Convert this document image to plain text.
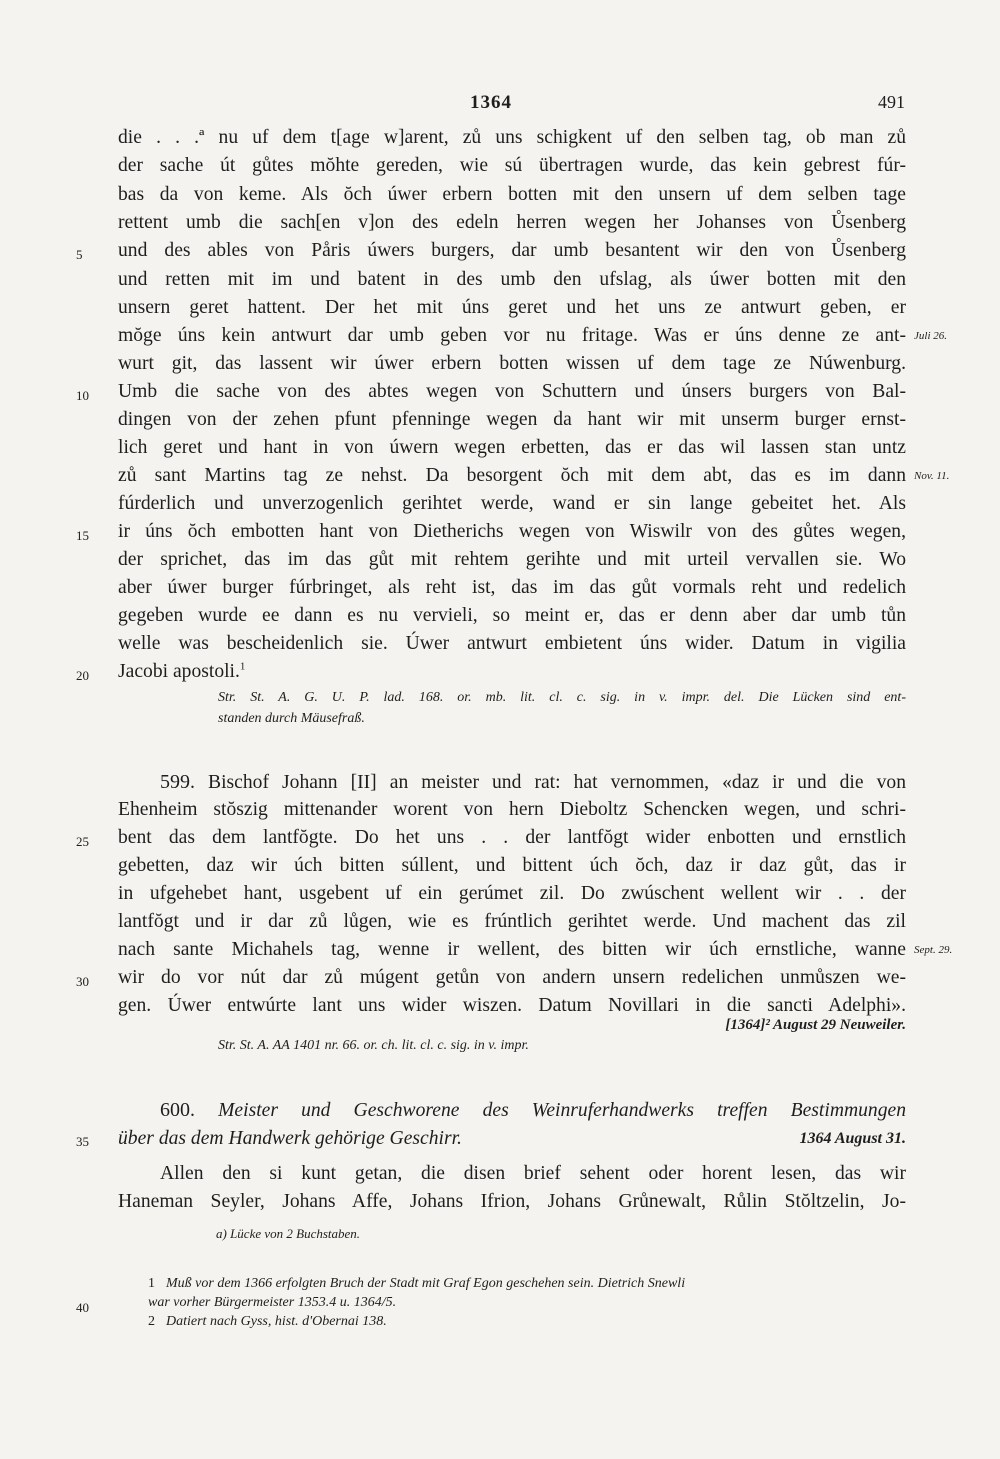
1364	491
die . . .ª nu uf dem t[age w]arent, zů uns schigkent uf den selben tag, ob man zů
der sache út gůtes mŏhte gereden, wie sú übertragen wurde, das kein gebrest fúr-
bas da von keme. Als ŏch úwer erbern botten mit den unsern uf dem selben tage
rettent umb die sach[en v]on des edeln herren wegen her Johanses von Ůsenberg
und des ables von Påris úwers burgers, dar umb besantent wir den von Ůsenberg
und retten mit im und batent in des umb den ufslag, als úwer botten mit den
unsern geret hattent. Der het mit úns geret und het uns ze antwurt geben, er
mŏge úns kein antwurt dar umb geben vor nu fritage. Was er úns denne ze ant-
wurt git, das lassent wir úwer erbern botten wissen uf dem tage ze Núwenburg.
Umb die sache von des abtes wegen von Schuttern und únsers burgers von Bal-
dingen von der zehen pfunt pfenninge wegen da hant wir mit unserm burger ernst-
lich geret und hant in von úwern wegen erbetten, das er das wil lassen stan untz
zů sant Martins tag ze nehst. Da besorgent ŏch mit dem abt, das es im dann
fúrderlich und unverzogenlich gerihtet werde, wand er sin lange gebeitet het. Als
ir úns ŏch embotten hant von Dietherichs wegen von Wiswilr von des gůtes wegen,
der sprichet, das im das gůt mit rehtem gerihte und mit urteil vervallen sie. Wo
aber úwer burger fúrbringet, als reht ist, das im das gůt vormals reht und redelich
gegeben wurde ee dann es nu vervieli, so meint er, das er denn aber dar umb tůn
welle was bescheidenlich sie. Úwer antwurt embietent úns wider. Datum in vigilia
Jacobi apostoli.$^1$
Str. St. A. G. U. P. lad. 168. or. mb. lit. cl. c. sig. in v. impr. del. Die Lücken sind ent-
standen durch Mäusefraß.
599. Bischof Johann [II] an meister und rat: hat vernommen, «daz ir und die von
Ehenheim stŏszig mittenander worent von hern Dieboltz Schencken wegen, und schri-
bent das dem lantfŏgte. Do het uns . . der lantfŏgt wider enbotten und ernstlich
gebetten, daz wir úch bitten súllent, und bittent úch ŏch, daz ir daz gůt, das ir
in ufgehebet hant, usgebent uf ein gerúmet zil. Do zwúschent wellent wir . . der
lantfŏgt und ir dar zů lůgen, wie es frúntlich gerihtet werde. Und machent das zil
nach sante Michahels tag, wenne ir wellent, des bitten wir úch ernstliche, wanne
wir do vor nút dar zů múgent getůn von andern unsern redelichen unmůszen we-
gen. Úwer entwúrte lant uns wider wiszen. Datum Novillari in die sancti Adelphi».
[1364]² August 29 Neuweiler.
Str. St. A. AA 1401 nr. 66. or. ch. lit. cl. c. sig. in v. impr.
600. Meister und Geschworene des Weinruferhandwerks treffen Bestimmungen
über das dem Handwerk gehörige Geschirr.	1364 August 31.
Allen den si kunt getan, die disen brief sehent oder horent lesen, das wir
Haneman Seyler, Johans Affe, Johans Ifrion, Johans Grůnewalt, Růlin Stŏltzelin, Jo-
a) Lücke von 2 Buchstaben.
1 Muß vor dem 1366 erfolgten Bruch der Stadt mit Graf Egon geschehen sein. Dietrich Snewli
war vorher Bürgermeister 1353.4 u. 1364/5.
2 Datiert nach Gyss, hist. d'Obernai 138.
Juli 26.
Nov. 11.
Sept. 29.
5
10
15
20
25
30
35
40
